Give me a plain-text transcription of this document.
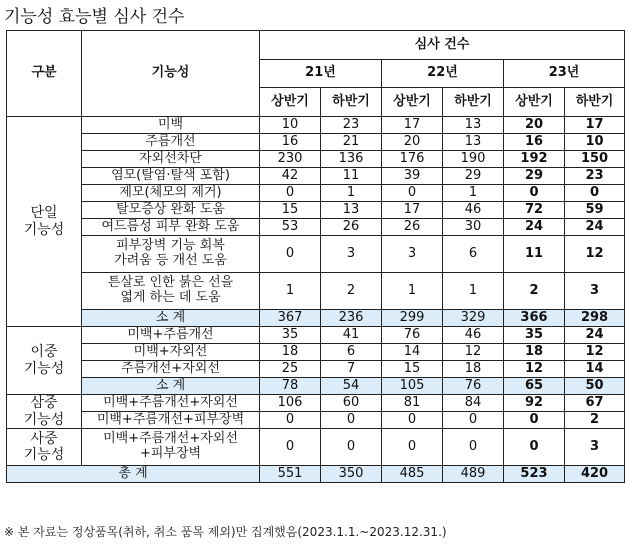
기능성 효능별 심사 건수
구분	기능성	심사 건수					
		21년		22년		23년	
		상반기	하반기	상반기	하반기	상반기	하반기
단일
기능성	미백	10	23	17	13	20	17
	주름개선	16	21	20	13	16	10
	자외선차단	230	136	176	190	192	150
	염모(탈염·탈색 포함)	42	11	39	29	29	23
	제모(체모의 제거)	0	1	0	1	0	0
	탈모증상 완화 도움	15	13	17	46	72	59
	여드름성 피부 완화 도움	53	26	26	30	24	24
	피부장벽 기능 회복
가려움 등 개선 도움	0	3	3	6	11	12
	튼살로 인한 붉은 선을
엷게 하는 데 도움	1	2	1	1	2	3
	소 계	367	236	299	329	366	298
이중
기능성	미백+주름개선	35	41	76	46	35	24
	미백+자외선	18	6	14	12	18	12
	주름개선+자외선	25	7	15	18	12	14
	소 계	78	54	105	76	65	50
삼중
기능성	미백+주름개선+자외선	106	60	81	84	92	67
	미백+주름개선+피부장벽	0	0	0	0	0	2
사중
기능성	미백+주름개선+자외선
+피부장벽	0	0	0	0	0	3
총 계		551	350	485	489	523	420
※ 본 자료는 정상품목(취하, 취소 품목 제외)만 집계했음(2023.1.1.~2023.12.31.)
